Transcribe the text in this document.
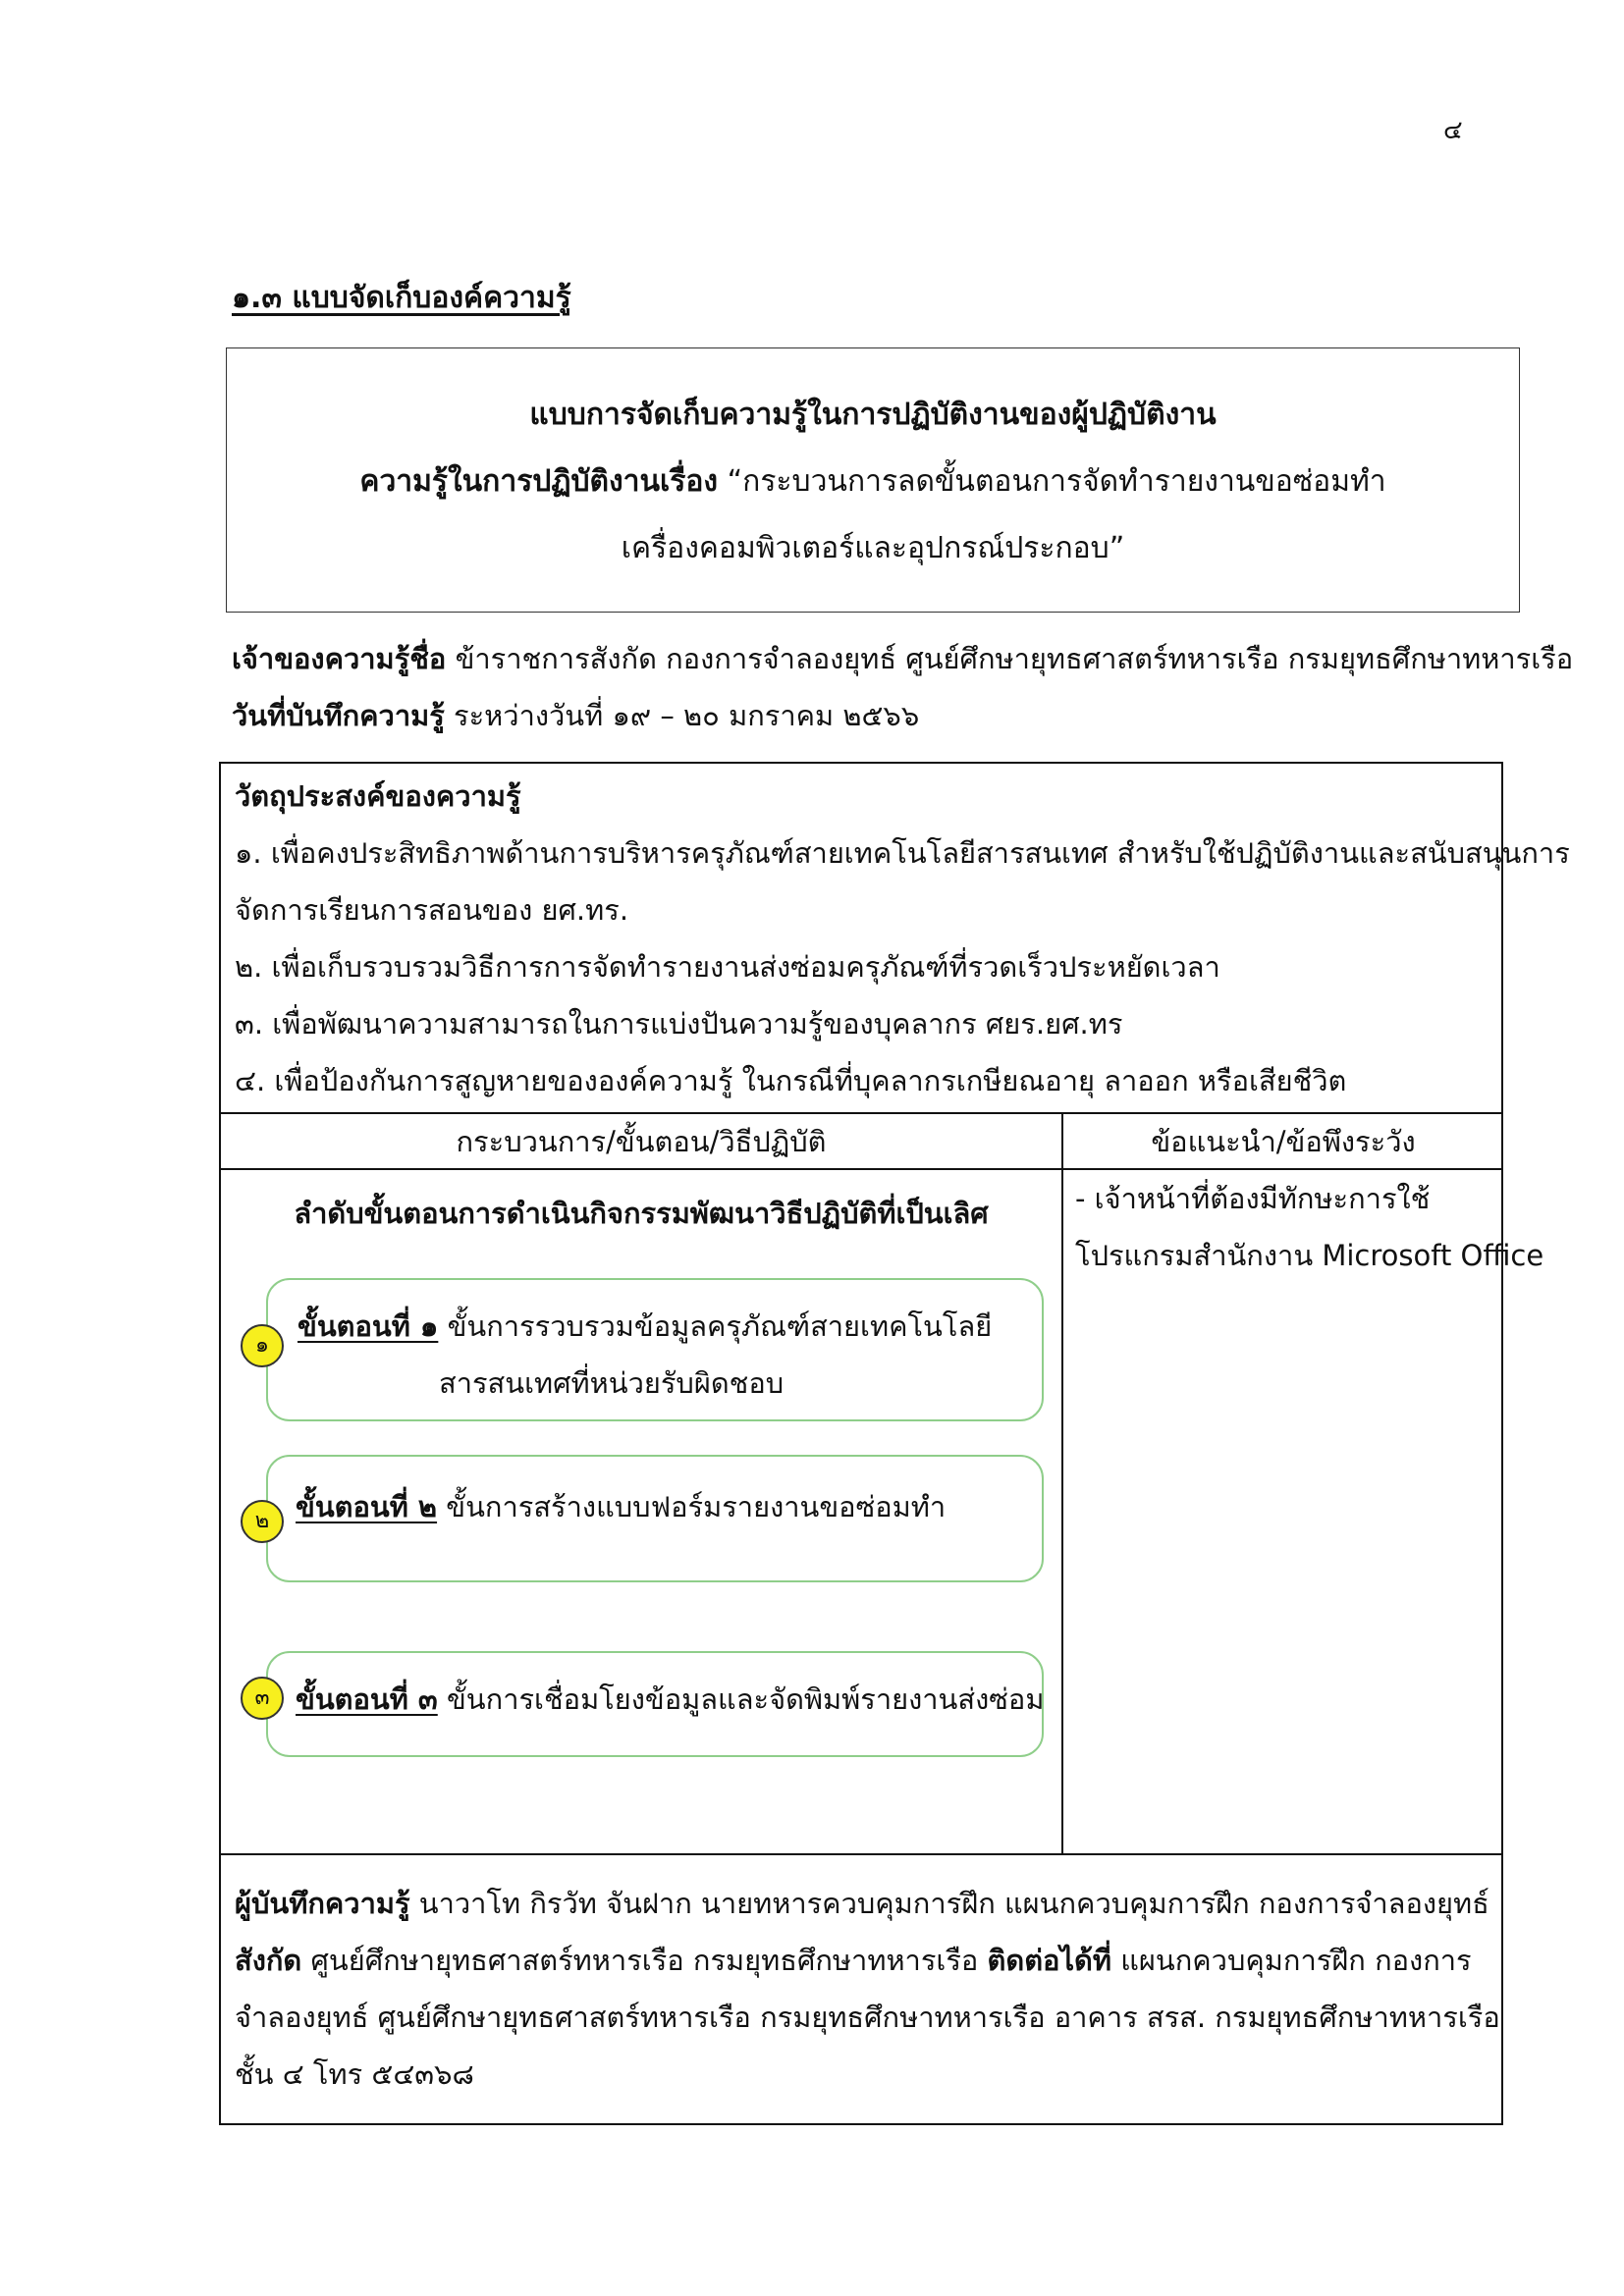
๔
๑.๓ แบบจัดเก็บองค์ความรู้
แบบการจัดเก็บความรู้ในการปฏิบัติงานของผู้ปฏิบัติงาน
ความรู้ในการปฏิบัติงานเรื่อง “กระบวนการลดขั้นตอนการจัดทำรายงานขอซ่อมทำ
เครื่องคอมพิวเตอร์และอุปกรณ์ประกอบ”
เจ้าของความรู้ชื่อ ข้าราชการสังกัด กองการจำลองยุทธ์ ศูนย์ศึกษายุทธศาสตร์ทหารเรือ กรมยุทธศึกษาทหารเรือ
วันที่บันทึกความรู้ ระหว่างวันที่ ๑๙ – ๒๐ มกราคม ๒๕๖๖
วัตถุประสงค์ของความรู้
๑. เพื่อคงประสิทธิภาพด้านการบริหารครุภัณฑ์สายเทคโนโลยีสารสนเทศ สำหรับใช้ปฏิบัติงานและสนับสนุนการ
จัดการเรียนการสอนของ ยศ.ทร.
๒. เพื่อเก็บรวบรวมวิธีการการจัดทำรายงานส่งซ่อมครุภัณฑ์ที่รวดเร็วประหยัดเวลา
๓. เพื่อพัฒนาความสามารถในการแบ่งปันความรู้ของบุคลากร ศยร.ยศ.ทร
๔. เพื่อป้องกันการสูญหายขององค์ความรู้ ในกรณีที่บุคลากรเกษียณอายุ ลาออก หรือเสียชีวิต
กระบวนการ/ขั้นตอน/วิธีปฏิบัติ	ข้อแนะนำ/ข้อพึงระวัง
ลำดับขั้นตอนการดำเนินกิจกรรมพัฒนาวิธีปฏิบัติที่เป็นเลิศ
๑
ขั้นตอนที่ ๑ ขั้นการรวบรวมข้อมูลครุภัณฑ์สายเทคโนโลยี
สารสนเทศที่หน่วยรับผิดชอบ
๒ ขั้นตอนที่ ๒ ขั้นการสร้างแบบฟอร์มรายงานขอซ่อมทำ
๓ ขั้นตอนที่ ๓ ขั้นการเชื่อมโยงข้อมูลและจัดพิมพ์รายงานส่งซ่อม
- เจ้าหน้าที่ต้องมีทักษะการใช้
โปรแกรมสำนักงาน Microsoft Office
ผู้บันทึกความรู้ นาวาโท กิรวัท จันฝาก นายทหารควบคุมการฝึก แผนกควบคุมการฝึก กองการจำลองยุทธ์
สังกัด ศูนย์ศึกษายุทธศาสตร์ทหารเรือ กรมยุทธศึกษาทหารเรือ ติดต่อได้ที่ แผนกควบคุมการฝึก กองการ
จำลองยุทธ์ ศูนย์ศึกษายุทธศาสตร์ทหารเรือ กรมยุทธศึกษาทหารเรือ อาคาร สรส. กรมยุทธศึกษาทหารเรือ
ชั้น ๔ โทร ๕๔๓๖๘
